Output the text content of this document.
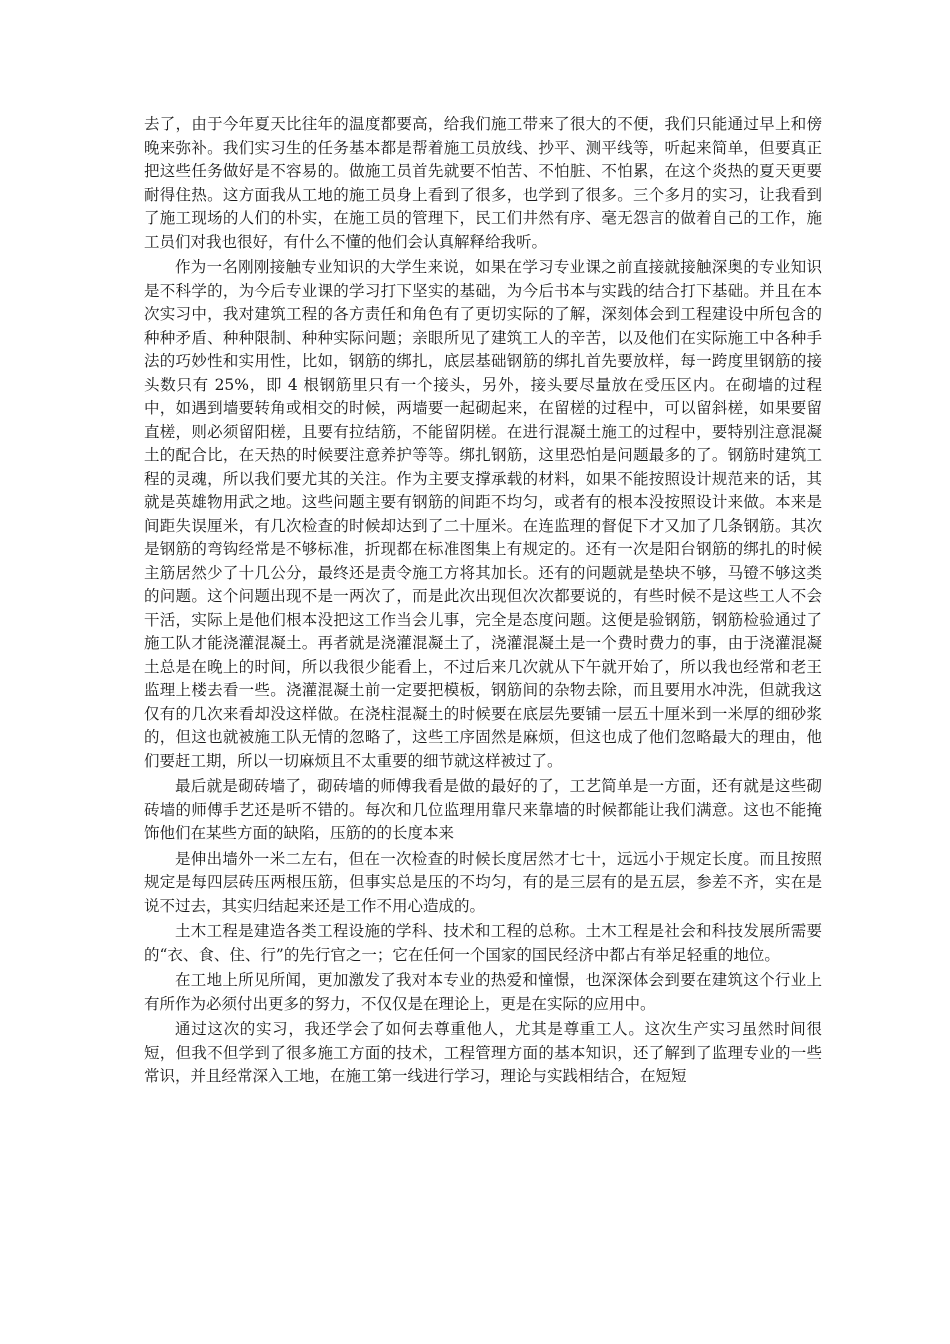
去了，由于今年夏天比往年的温度都要高，给我们施工带来了很大的不便，我们只能通过早上和傍晚来弥补。我们实习生的任务基本都是帮着施工员放线、抄平、测平线等，听起来简单，但要真正把这些任务做好是不容易的。做施工员首先就要不怕苦、不怕脏、不怕累，在这个炎热的夏天更要耐得住热。这方面我从工地的施工员身上看到了很多，也学到了很多。三个多月的实习，让我看到了施工现场的人们的朴实，在施工员的管理下，民工们井然有序、毫无怨言的做着自己的工作，施工员们对我也很好，有什么不懂的他们会认真解释给我听。

作为一名刚刚接触专业知识的大学生来说，如果在学习专业课之前直接就接触深奥的专业知识是不科学的，为今后专业课的学习打下坚实的基础，为今后书本与实践的结合打下基础。并且在本次实习中，我对建筑工程的各方责任和角色有了更切实际的了解，深刻体会到工程建设中所包含的种种矛盾、种种限制、种种实际问题；亲眼所见了建筑工人的辛苦，以及他们在实际施工中各种手法的巧妙性和实用性，比如，钢筋的绑扎，底层基础钢筋的绑扎首先要放样，每一跨度里钢筋的接头数只有 25%，即 4 根钢筋里只有一个接头，另外，接头要尽量放在受压区内。在砌墙的过程中，如遇到墙要转角或相交的时候，两墙要一起砌起来，在留槎的过程中，可以留斜槎，如果要留直槎，则必须留阳槎，且要有拉结筋，不能留阴槎。在进行混凝土施工的过程中，要特别注意混凝土的配合比，在天热的时候要注意养护等等。绑扎钢筋，这里恐怕是问题最多的了。钢筋时建筑工程的灵魂，所以我们要尤其的关注。作为主要支撑承载的材料，如果不能按照设计规范来的话，其就是英雄物用武之地。这些问题主要有钢筋的间距不均匀，或者有的根本没按照设计来做。本来是间距失误厘米，有几次检查的时候却达到了二十厘米。在连监理的督促下才又加了几条钢筋。其次是钢筋的弯钩经常是不够标准，折现都在标准图集上有规定的。还有一次是阳台钢筋的绑扎的时候主筋居然少了十几公分，最终还是责令施工方将其加长。还有的问题就是垫块不够，马镫不够这类的问题。这个问题出现不是一两次了，而是此次出现但次次都要说的，有些时候不是这些工人不会干活，实际上是他们根本没把这工作当会儿事，完全是态度问题。这便是验钢筋，钢筋检验通过了施工队才能浇灌混凝土。再者就是浇灌混凝土了，浇灌混凝土是一个费时费力的事，由于浇灌混凝土总是在晚上的时间，所以我很少能看上，不过后来几次就从下午就开始了，所以我也经常和老王监理上楼去看一些。浇灌混凝土前一定要把模板，钢筋间的杂物去除，而且要用水冲洗，但就我这仅有的几次来看却没这样做。在浇柱混凝土的时候要在底层先要铺一层五十厘米到一米厚的细砂浆的，但这也就被施工队无情的忽略了，这些工序固然是麻烦，但这也成了他们忽略最大的理由，他们要赶工期，所以一切麻烦且不太重要的细节就这样被过了。

最后就是砌砖墙了，砌砖墙的师傅我看是做的最好的了，工艺简单是一方面，还有就是这些砌砖墙的师傅手艺还是听不错的。每次和几位监理用靠尺来靠墙的时候都能让我们满意。这也不能掩饰他们在某些方面的缺陷，压筋的的长度本来

是伸出墙外一米二左右，但在一次检查的时候长度居然才七十，远远小于规定长度。而且按照规定是每四层砖压两根压筋，但事实总是压的不均匀，有的是三层有的是五层，参差不齐，实在是说不过去，其实归结起来还是工作不用心造成的。

土木工程是建造各类工程设施的学科、技术和工程的总称。土木工程是社会和科技发展所需要的“衣、食、住、行”的先行官之一；它在任何一个国家的国民经济中都占有举足轻重的地位。

在工地上所见所闻，更加激发了我对本专业的热爱和憧憬，也深深体会到要在建筑这个行业上有所作为必须付出更多的努力，不仅仅是在理论上，更是在实际的应用中。

通过这次的实习，我还学会了如何去尊重他人，尤其是尊重工人。这次生产实习虽然时间很短，但我不但学到了很多施工方面的技术，工程管理方面的基本知识，还了解到了监理专业的一些常识，并且经常深入工地，在施工第一线进行学习，理论与实践相结合，在短短
